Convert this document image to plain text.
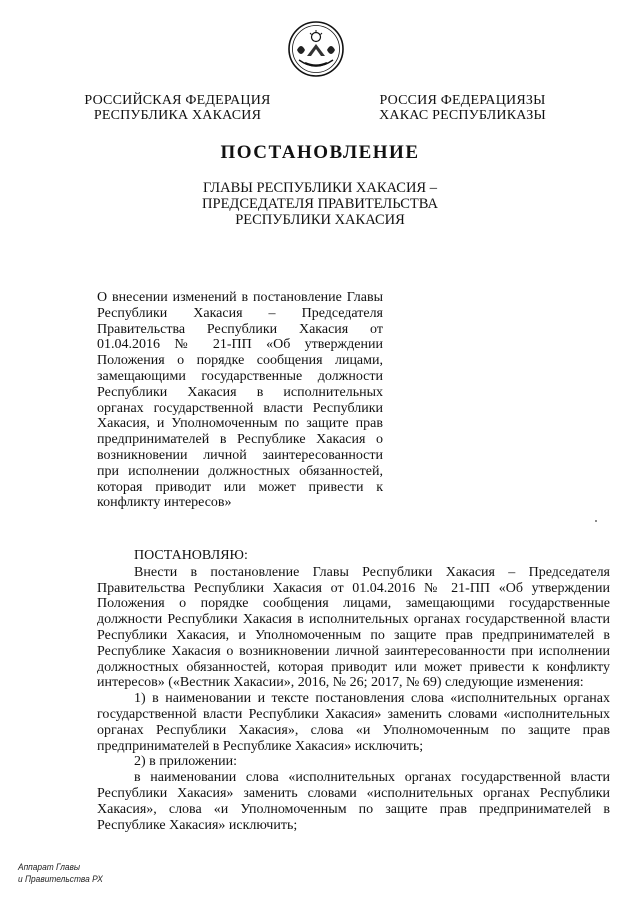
РОССИЙСКАЯ ФЕДЕРАЦИЯ
РЕСПУБЛИКА ХАКАСИЯ
РОССИЯ ФЕДЕРАЦИЯЗЫ
ХАКАС РЕСПУБЛИКАЗЫ
ПОСТАНОВЛЕНИЕ
ГЛАВЫ РЕСПУБЛИКИ ХАКАСИЯ –
ПРЕДСЕДАТЕЛЯ ПРАВИТЕЛЬСТВА
РЕСПУБЛИКИ ХАКАСИЯ
О внесении изменений в постановление Главы Республики Хакасия – Председателя Правительства Республики Хакасия от 01.04.2016 № 21-ПП «Об утверждении Положения о порядке сообщения лицами, замещающими государственные должности Республики Хакасия в исполнительных органах государственной власти Республики Хакасия, и Уполномоченным по защите прав предпринимателей в Республике Хакасия о возникновении личной заинтересованности при исполнении должностных обязанностей, которая приводит или может привести к конфликту интересов»

ПОСТАНОВЛЯЮ:

Внести в постановление Главы Республики Хакасия – Председателя Правительства Республики Хакасия от 01.04.2016 № 21-ПП «Об утверждении Положения о порядке сообщения лицами, замещающими государственные должности Республики Хакасия в исполнительных органах государственной власти Республики Хакасия, и Уполномоченным по защите прав предпринимателей в Республике Хакасия о возникновении личной заинтересованности при исполнении должностных обязанностей, которая приводит или может привести к конфликту интересов» («Вестник Хакасии», 2016, № 26; 2017, № 69) следующие изменения:

1) в наименовании и тексте постановления слова «исполнительных органах государственной власти Республики Хакасия» заменить словами «исполнительных органах Республики Хакасия», слова «и Уполномоченным по защите прав предпринимателей в Республике Хакасия» исключить;

2) в приложении:

в наименовании слова «исполнительных органах государственной власти Республики Хакасия» заменить словами «исполнительных органах Республики Хакасия», слова «и Уполномоченным по защите прав предпринимателей в Республике Хакасия» исключить;

Аппарат Главы
и Правительства РХ
